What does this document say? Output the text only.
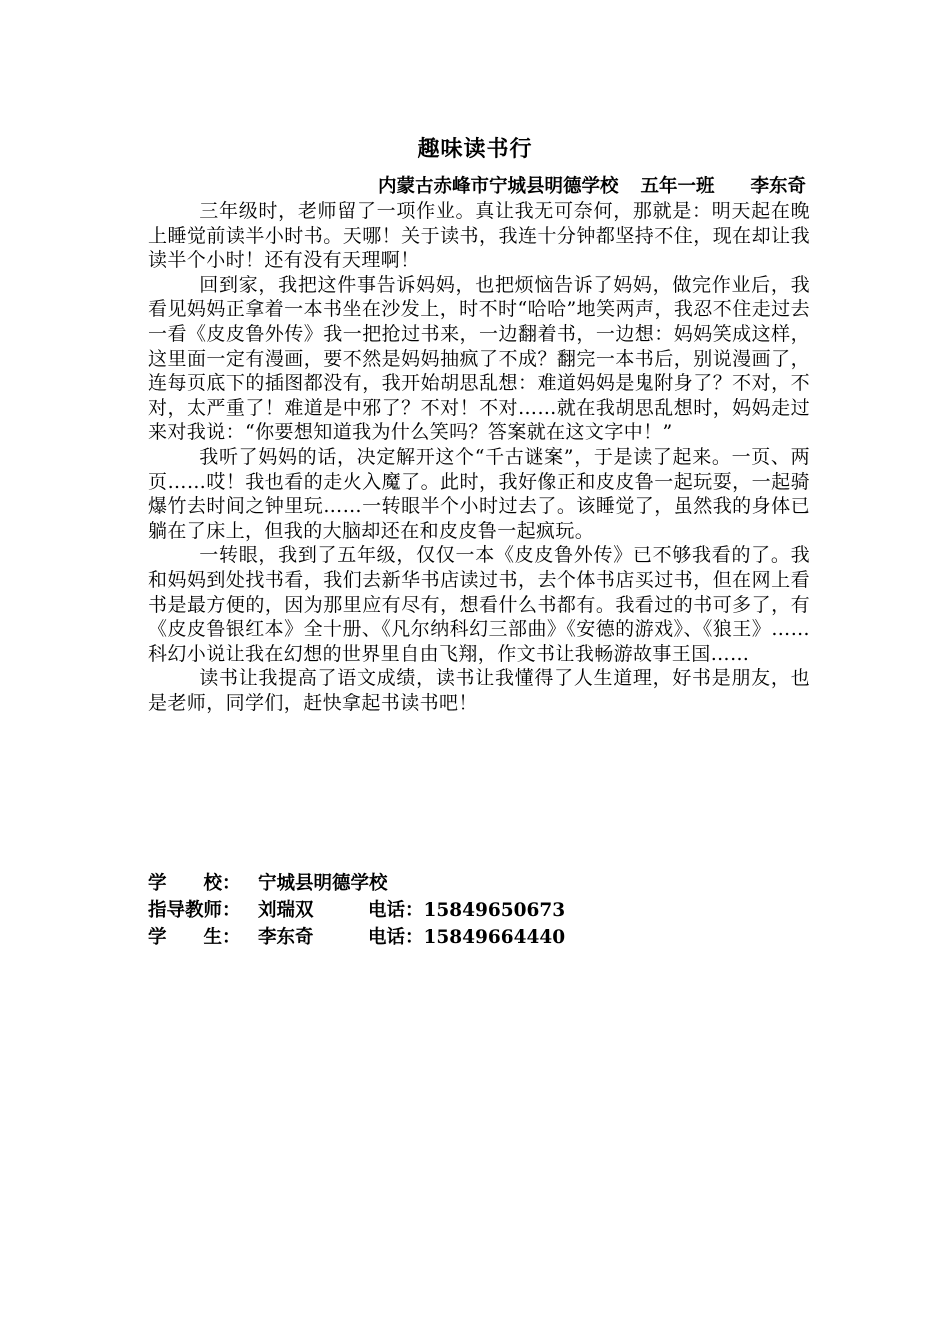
趣味读书行
内蒙古赤峰市宁城县明德学校 五年一班 李东奇

三年级时，老师留了一项作业。真让我无可奈何，那就是：明天起在晚上睡觉前读半小时书。天哪！关于读书，我连十分钟都坚持不住，现在却让我读半个小时！还有没有天理啊！

回到家，我把这件事告诉妈妈，也把烦恼告诉了妈妈，做完作业后，我看见妈妈正拿着一本书坐在沙发上，时不时“哈哈”地笑两声，我忍不住走过去一看《皮皮鲁外传》我一把抢过书来，一边翻着书，一边想：妈妈笑成这样，这里面一定有漫画，要不然是妈妈抽疯了不成？翻完一本书后，别说漫画了，连每页底下的插图都没有，我开始胡思乱想：难道妈妈是鬼附身了？不对，不对，太严重了！难道是中邪了？不对！不对……就在我胡思乱想时，妈妈走过来对我说：“你要想知道我为什么笑吗？答案就在这文字中！”

我听了妈妈的话，决定解开这个“千古谜案”，于是读了起来。一页、两页……哎！我也看的走火入魔了。此时，我好像正和皮皮鲁一起玩耍，一起骑爆竹去时间之钟里玩……一转眼半个小时过去了。该睡觉了，虽然我的身体已躺在了床上，但我的大脑却还在和皮皮鲁一起疯玩。

一转眼，我到了五年级，仅仅一本《皮皮鲁外传》已不够我看的了。我和妈妈到处找书看，我们去新华书店读过书，去个体书店买过书，但在网上看书是最方便的，因为那里应有尽有，想看什么书都有。我看过的书可多了，有《皮皮鲁银红本》全十册、《凡尔纳科幻三部曲》《安德的游戏》、《狼王》……科幻小说让我在幻想的世界里自由飞翔，作文书让我畅游故事王国……

读书让我提高了语文成绩，读书让我懂得了人生道理，好书是朋友，也是老师，同学们，赶快拿起书读书吧！

学　　校： 宁城县明德学校
指导教师： 刘瑞双	电话： 15849650673
学　　生： 李东奇	电话： 15849664440
